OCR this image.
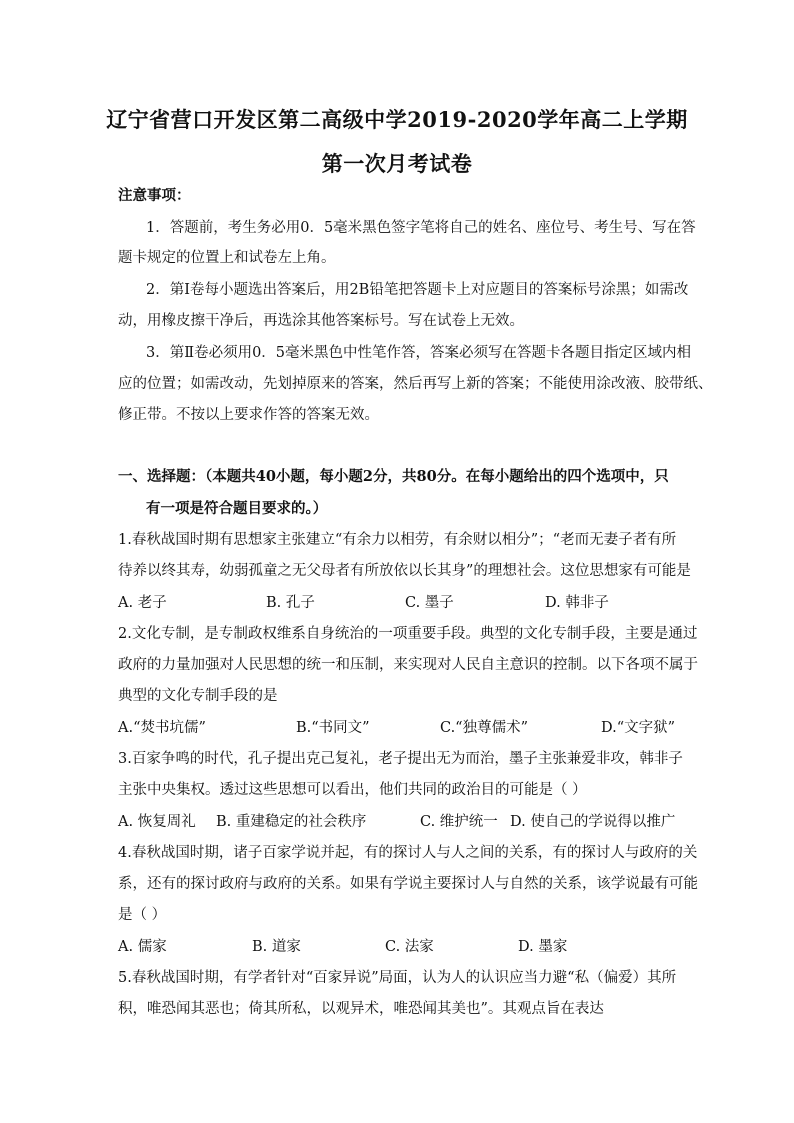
辽宁省营口开发区第二高级中学2019-2020学年高二上学期
第一次月考试卷
注意事项：
1．答题前，考生务必用0．5毫米黑色签字笔将自己的姓名、座位号、考生号、写在答
题卡规定的位置上和试卷左上角。
2．第Ⅰ卷每小题选出答案后，用2B铅笔把答题卡上对应题目的答案标号涂黑；如需改
动，用橡皮擦干净后，再选涂其他答案标号。写在试卷上无效。
3．第Ⅱ卷必须用0．5毫米黑色中性笔作答，答案必须写在答题卡各题目指定区域内相
应的位置；如需改动，先划掉原来的答案，然后再写上新的答案；不能使用涂改液、胶带纸、
修正带。不按以上要求作答的答案无效。
一、选择题：（本题共40小题，每小题2分，共80分。在每小题给出的四个选项中，只
有一项是符合题目要求的。）
1.春秋战国时期有思想家主张建立“有余力以相劳，有余财以相分”；“老而无妻子者有所
待养以终其寿，幼弱孤童之无父母者有所放依以长其身”的理想社会。这位思想家有可能是
A. 老子	B. 孔子	C. 墨子	D. 韩非子
2.文化专制，是专制政权维系自身统治的一项重要手段。典型的文化专制手段，主要是通过
政府的力量加强对人民思想的统一和压制，来实现对人民自主意识的控制。以下各项不属于
典型的文化专制手段的是
A.“焚书坑儒”	B.“书同文”	C.“独尊儒术”	D.“文字狱”
3.百家争鸣的时代，孔子提出克己复礼，老子提出无为而治，墨子主张兼爱非攻，韩非子
主张中央集权。透过这些思想可以看出，他们共同的政治目的可能是（ ）
A. 恢复周礼 B. 重建稳定的社会秩序	C. 维护统一 D. 使自己的学说得以推广
4.春秋战国时期，诸子百家学说并起，有的探讨人与人之间的关系，有的探讨人与政府的关
系，还有的探讨政府与政府的关系。如果有学说主要探讨人与自然的关系，该学说最有可能
是（ ）
A. 儒家	B. 道家	C. 法家	D. 墨家
5.春秋战国时期，有学者针对“百家异说”局面，认为人的认识应当力避“私（偏爱）其所
积，唯恐闻其恶也；倚其所私，以观异术，唯恐闻其美也”。其观点旨在表达
